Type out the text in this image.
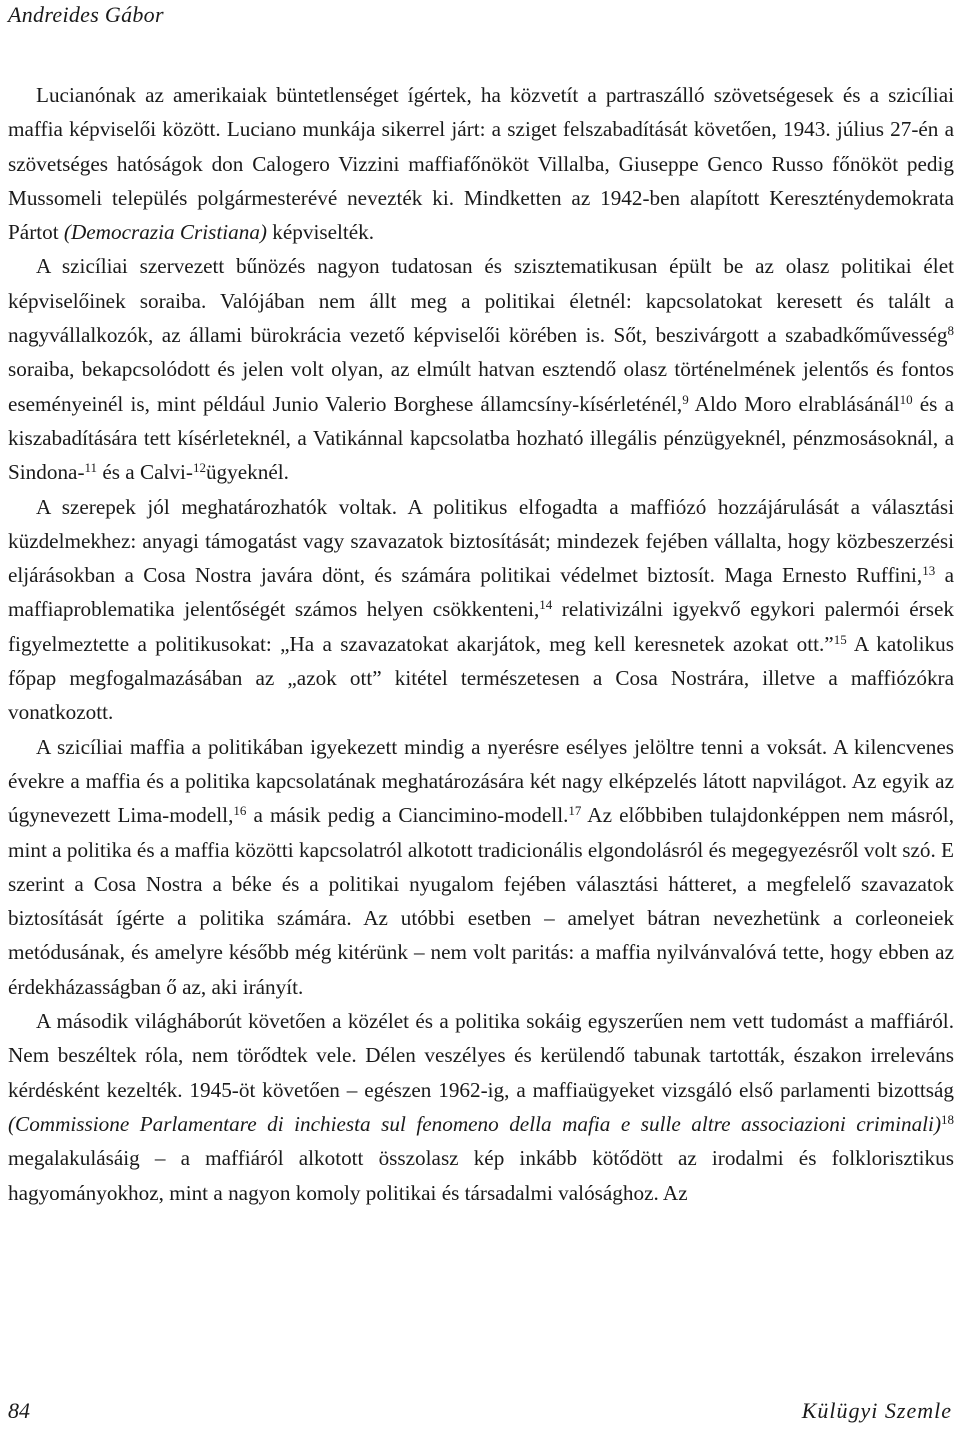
Andreides Gábor

Lucianónak az amerikaiak büntetlenséget ígértek, ha közvetít a partraszálló szövetségesek és a szicíliai maffia képviselői között. Luciano munkája sikerrel járt: a sziget felszabadítását követően, 1943. július 27-én a szövetséges hatóságok don Calogero Vizzini maffiafőnököt Villalba, Giuseppe Genco Russo főnököt pedig Mussomeli település polgármesterévé nevezték ki. Mindketten az 1942-ben alapított Kereszténydemokrata Pártot (Democrazia Cristiana) képviselték.

A szicíliai szervezett bűnözés nagyon tudatosan és szisztematikusan épült be az olasz politikai élet képviselőinek soraiba. Valójában nem állt meg a politikai életnél: kapcsolatokat keresett és talált a nagyvállalkozók, az állami bürokrácia vezető képviselői körében is. Sőt, beszivárgott a szabadkőművesség$^8$ soraiba, bekapcsolódott és jelen volt olyan, az elmúlt hatvan esztendő olasz történelmének jelentős és fontos eseményeinél is, mint például Junio Valerio Borghese államcsíny-kísérleténél,$^9$ Aldo Moro elrablásánál$^{10}$ és a kiszabadítására tett kísérleteknél, a Vatikánnal kapcsolatba hozható illegális pénzügyeknél, pénzmosásoknál, a Sindona-$^{11}$ és a Calvi-$^{12}$ügyeknél.

A szerepek jól meghatározhatók voltak. A politikus elfogadta a maffiózó hozzájárulását a választási küzdelmekhez: anyagi támogatást vagy szavazatok biztosítását; mindezek fejében vállalta, hogy közbeszerzési eljárásokban a Cosa Nostra javára dönt, és számára politikai védelmet biztosít. Maga Ernesto Ruffini,$^{13}$ a maffiaproblematika jelentőségét számos helyen csökkenteni,$^{14}$ relativizálni igyekvő egykori palermói érsek figyelmeztette a politikusokat: „Ha a szavazatokat akarjátok, meg kell keresnetek azokat ott.”$^{15}$ A katolikus főpap megfogalmazásában az „azok ott” kitétel természetesen a Cosa Nostrára, illetve a maffiózókra vonatkozott.

A szicíliai maffia a politikában igyekezett mindig a nyerésre esélyes jelöltre tenni a voksát. A kilencvenes évekre a maffia és a politika kapcsolatának meghatározására két nagy elképzelés látott napvilágot. Az egyik az úgynevezett Lima-modell,$^{16}$ a másik pedig a Ciancimino-modell.$^{17}$ Az előbbiben tulajdonképpen nem másról, mint a politika és a maffia közötti kapcsolatról alkotott tradicionális elgondolásról és megegyezésről volt szó. E szerint a Cosa Nostra a béke és a politikai nyugalom fejében választási hátteret, a megfelelő szavazatok biztosítását ígérte a politika számára. Az utóbbi esetben – amelyet bátran nevezhetünk a corleoneiek metódusának, és amelyre később még kitérünk – nem volt paritás: a maffia nyilvánvalóvá tette, hogy ebben az érdekházasságban ő az, aki irányít.

A második világháborút követően a közélet és a politika sokáig egyszerűen nem vett tudomást a maffiáról. Nem beszéltek róla, nem törődtek vele. Délen veszélyes és kerülendő tabunak tartották, északon irreleváns kérdésként kezelték. 1945-öt követően – egészen 1962-ig, a maffiaügyeket vizsgáló első parlamenti bizottság (Commissione Parlamentare di inchiesta sul fenomeno della mafia e sulle altre associazioni criminali)$^{18}$ megalakulásáig – a maffiáról alkotott összolasz kép inkább kötődött az irodalmi és folklorisztikus hagyományokhoz, mint a nagyon komoly politikai és társadalmi valósághoz. Az

84	Külügyi Szemle
